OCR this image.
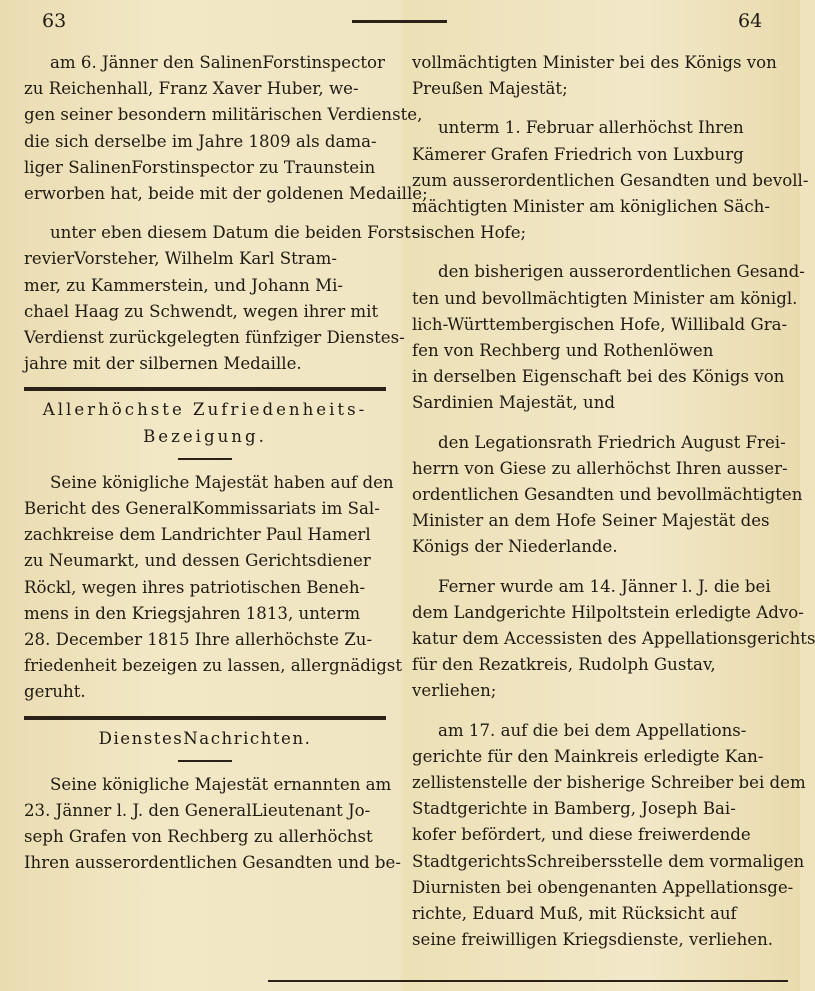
63	64

am 6. Jänner den SalinenForstinspector
zu Reichenhall, Franz Xaver Huber, we-
gen seiner besondern militärischen Verdienste,
die sich derselbe im Jahre 1809 als dama-
liger SalinenForstinspector zu Traunstein
erworben hat, beide mit der goldenen Medaille;

unter eben diesem Datum die beiden Forst-
revierVorsteher, Wilhelm Karl Stram-
mer, zu Kammerstein, und Johann Mi-
chael Haag zu Schwendt, wegen ihrer mit
Verdienst zurückgelegten fünfziger Dienstes-
jahre mit der silbernen Medaille.

Allerhöchste Zufriedenheits-
Bezeigung.

Seine königliche Majestät haben auf den
Bericht des GeneralKommissariats im Sal-
zachkreise dem Landrichter Paul Hamerl
zu Neumarkt, und dessen Gerichtsdiener
Röckl, wegen ihres patriotischen Beneh-
mens in den Kriegsjahren 1813, unterm
28. December 1815 Ihre allerhöchste Zu-
friedenheit bezeigen zu lassen, allergnädigst
geruht.

DienstesNachrichten.

Seine königliche Majestät ernannten am
23. Jänner l. J. den GeneralLieutenant Jo-
seph Grafen von Rechberg zu allerhöchst
Ihren ausserordentlichen Gesandten und be-

vollmächtigten Minister bei des Königs von
Preußen Majestät;

unterm 1. Februar allerhöchst Ihren
Kämerer Grafen Friedrich von Luxburg
zum ausserordentlichen Gesandten und bevoll-
mächtigten Minister am königlichen Säch-
sischen Hofe;

den bisherigen ausserordentlichen Gesand-
ten und bevollmächtigten Minister am königl.
lich-Württembergischen Hofe, Willibald Gra-
fen von Rechberg und Rothenlöwen
in derselben Eigenschaft bei des Königs von
Sardinien Majestät, und

den Legationsrath Friedrich August Frei-
herrn von Giese zu allerhöchst Ihren ausser-
ordentlichen Gesandten und bevollmächtigten
Minister an dem Hofe Seiner Majestät des
Königs der Niederlande.

Ferner wurde am 14. Jänner l. J. die bei
dem Landgerichte Hilpoltstein erledigte Advo-
katur dem Accessisten des Appellationsgerichts
für den Rezatkreis, Rudolph Gustav,
verliehen;

am 17. auf die bei dem Appellations-
gerichte für den Mainkreis erledigte Kan-
zellistenstelle der bisherige Schreiber bei dem
Stadtgerichte in Bamberg, Joseph Bai-
kofer befördert, und diese freiwerdende
StadtgerichtsSchreibersstelle dem vormaligen
Diurnisten bei obengenanten Appellationsge-
richte, Eduard Muß, mit Rücksicht auf
seine freiwilligen Kriegsdienste, verliehen.
